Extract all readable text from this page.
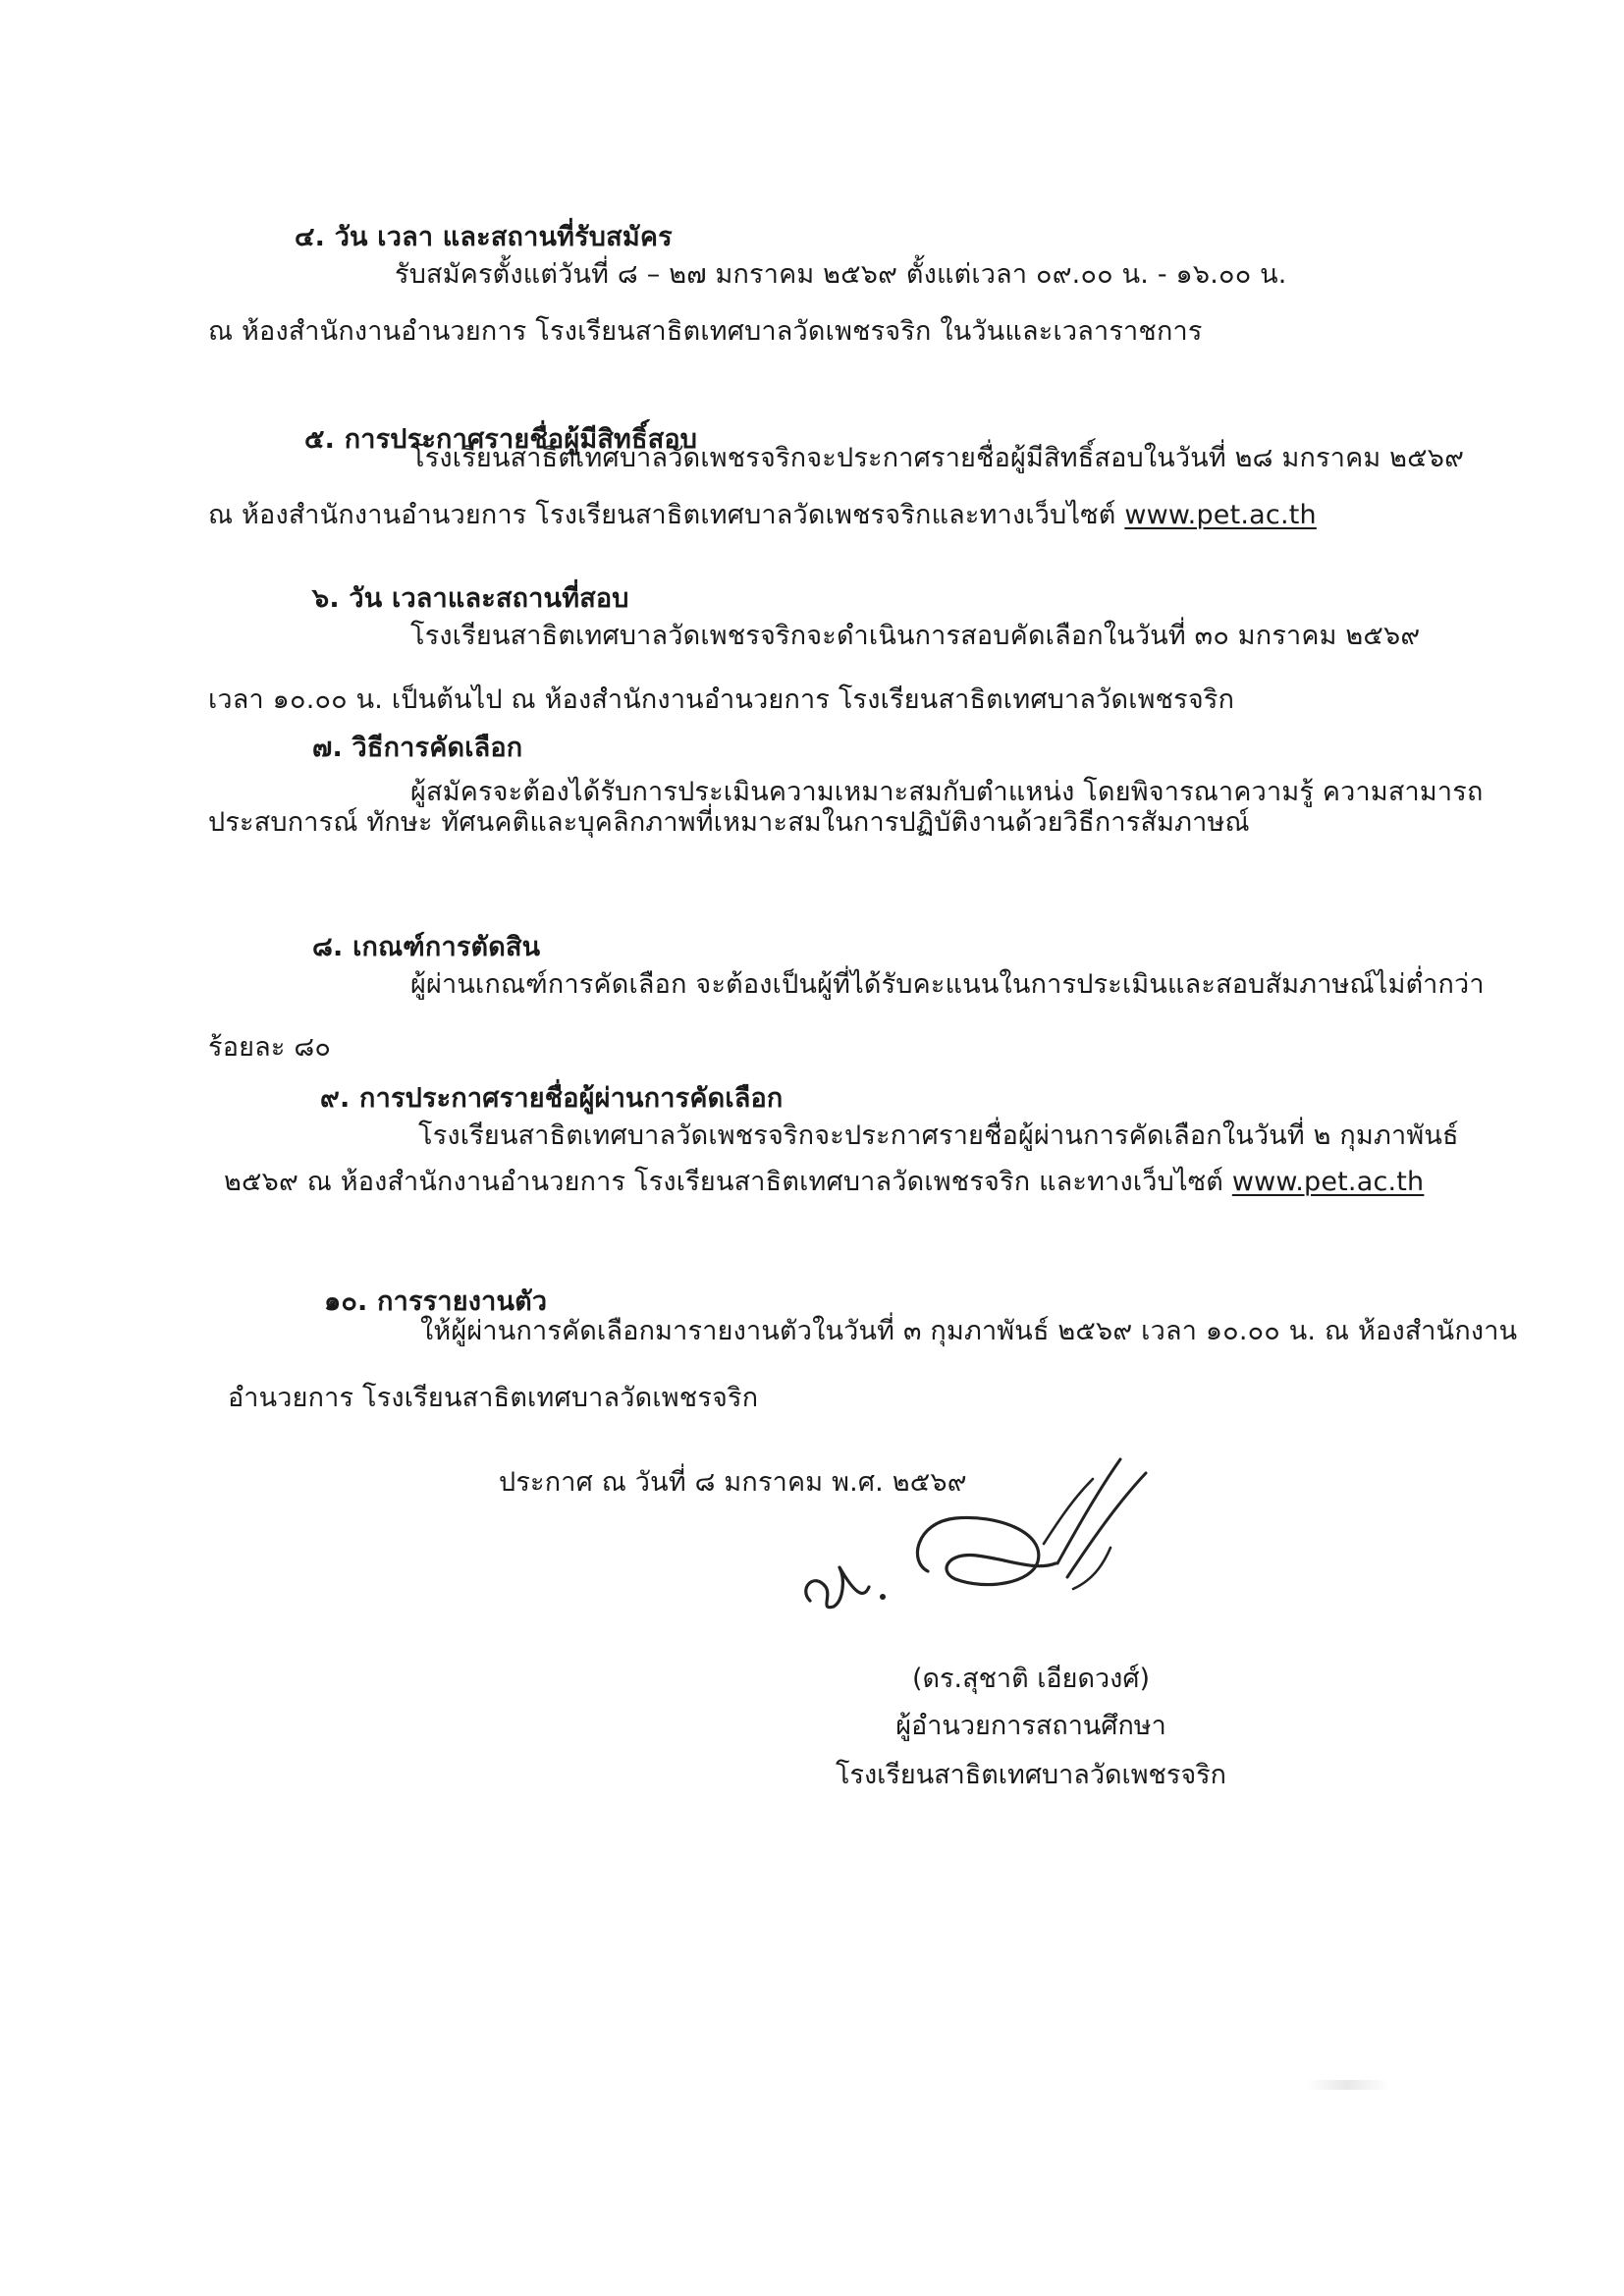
๔. วัน เวลา และสถานที่รับสมัคร
รับสมัครตั้งแต่วันที่ ๘ – ๒๗ มกราคม ๒๕๖๙ ตั้งแต่เวลา ๐๙.๐๐ น. - ๑๖.๐๐ น.
ณ ห้องสำนักงานอำนวยการ โรงเรียนสาธิตเทศบาลวัดเพชรจริก ในวันและเวลาราชการ
๕. การประกาศรายชื่อผู้มีสิทธิ์สอบ
โรงเรียนสาธิตเทศบาลวัดเพชรจริกจะประกาศรายชื่อผู้มีสิทธิ์สอบในวันที่ ๒๘ มกราคม ๒๕๖๙
ณ ห้องสำนักงานอำนวยการ โรงเรียนสาธิตเทศบาลวัดเพชรจริกและทางเว็บไซต์ www.pet.ac.th
๖. วัน เวลาและสถานที่สอบ
โรงเรียนสาธิตเทศบาลวัดเพชรจริกจะดำเนินการสอบคัดเลือกในวันที่ ๓๐ มกราคม ๒๕๖๙
เวลา ๑๐.๐๐ น. เป็นต้นไป ณ ห้องสำนักงานอำนวยการ โรงเรียนสาธิตเทศบาลวัดเพชรจริก
๗. วิธีการคัดเลือก
ผู้สมัครจะต้องได้รับการประเมินความเหมาะสมกับตำแหน่ง โดยพิจารณาความรู้ ความสามารถ
ประสบการณ์ ทักษะ ทัศนคติและบุคลิกภาพที่เหมาะสมในการปฏิบัติงานด้วยวิธีการสัมภาษณ์
๘. เกณฑ์การตัดสิน
ผู้ผ่านเกณฑ์การคัดเลือก จะต้องเป็นผู้ที่ได้รับคะแนนในการประเมินและสอบสัมภาษณ์ไม่ต่ำกว่า
ร้อยละ ๘๐
๙. การประกาศรายชื่อผู้ผ่านการคัดเลือก
โรงเรียนสาธิตเทศบาลวัดเพชรจริกจะประกาศรายชื่อผู้ผ่านการคัดเลือกในวันที่ ๒ กุมภาพันธ์
๒๕๖๙ ณ ห้องสำนักงานอำนวยการ โรงเรียนสาธิตเทศบาลวัดเพชรจริก และทางเว็บไซต์ www.pet.ac.th
๑๐. การรายงานตัว
ให้ผู้ผ่านการคัดเลือกมารายงานตัวในวันที่ ๓ กุมภาพันธ์ ๒๕๖๙ เวลา ๑๐.๐๐ น. ณ ห้องสำนักงาน
อำนวยการ โรงเรียนสาธิตเทศบาลวัดเพชรจริก
ประกาศ ณ วันที่ ๘ มกราคม พ.ศ. ๒๕๖๙
(ดร.สุชาติ เอียดวงศ์)
ผู้อำนวยการสถานศึกษา
โรงเรียนสาธิตเทศบาลวัดเพชรจริก
